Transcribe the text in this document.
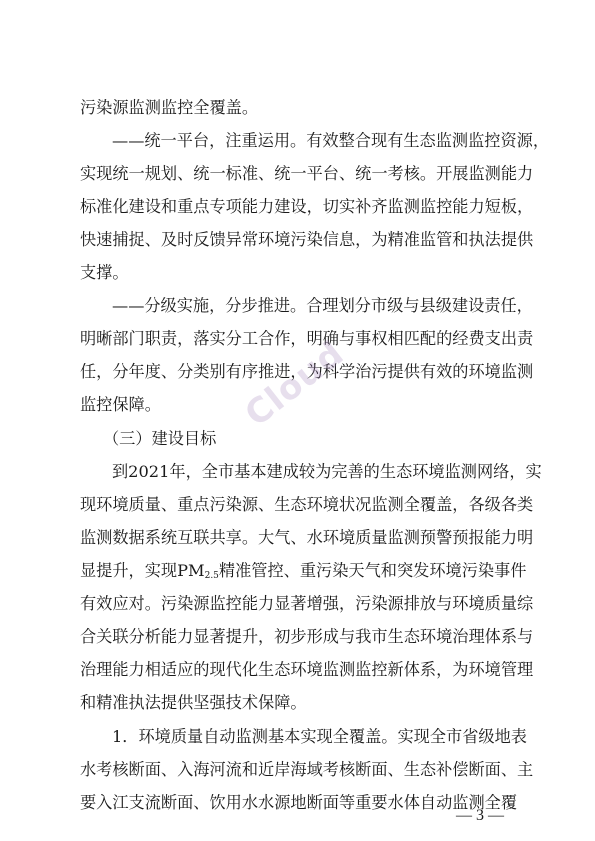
污染源监测监控全覆盖。
——统一平台，注重运用。有效整合现有生态监测监控资源，
实现统一规划、统一标准、统一平台、统一考核。开展监测能力
标准化建设和重点专项能力建设，切实补齐监测监控能力短板，
快速捕捉、及时反馈异常环境污染信息，为精准监管和执法提供
支撑。
——分级实施，分步推进。合理划分市级与县级建设责任，
明晰部门职责，落实分工合作，明确与事权相匹配的经费支出责
任，分年度、分类别有序推进，为科学治污提供有效的环境监测
监控保障。
（三）建设目标
到2021年，全市基本建成较为完善的生态环境监测网络，实
现环境质量、重点污染源、生态环境状况监测全覆盖，各级各类
监测数据系统互联共享。大气、水环境质量监测预警预报能力明
显提升，实现$PM_{2.5}$精准管控、重污染天气和突发环境污染事件
有效应对。污染源监控能力显著增强，污染源排放与环境质量综
合关联分析能力显著提升，初步形成与我市生态环境治理体系与
治理能力相适应的现代化生态环境监测监控新体系，为环境管理
和精准执法提供坚强技术保障。
1．环境质量自动监测基本实现全覆盖。实现全市省级地表
水考核断面、入海河流和近岸海域考核断面、生态补偿断面、主
要入江支流断面、饮用水水源地断面等重要水体自动监测全覆
— 3 —
Cloud
